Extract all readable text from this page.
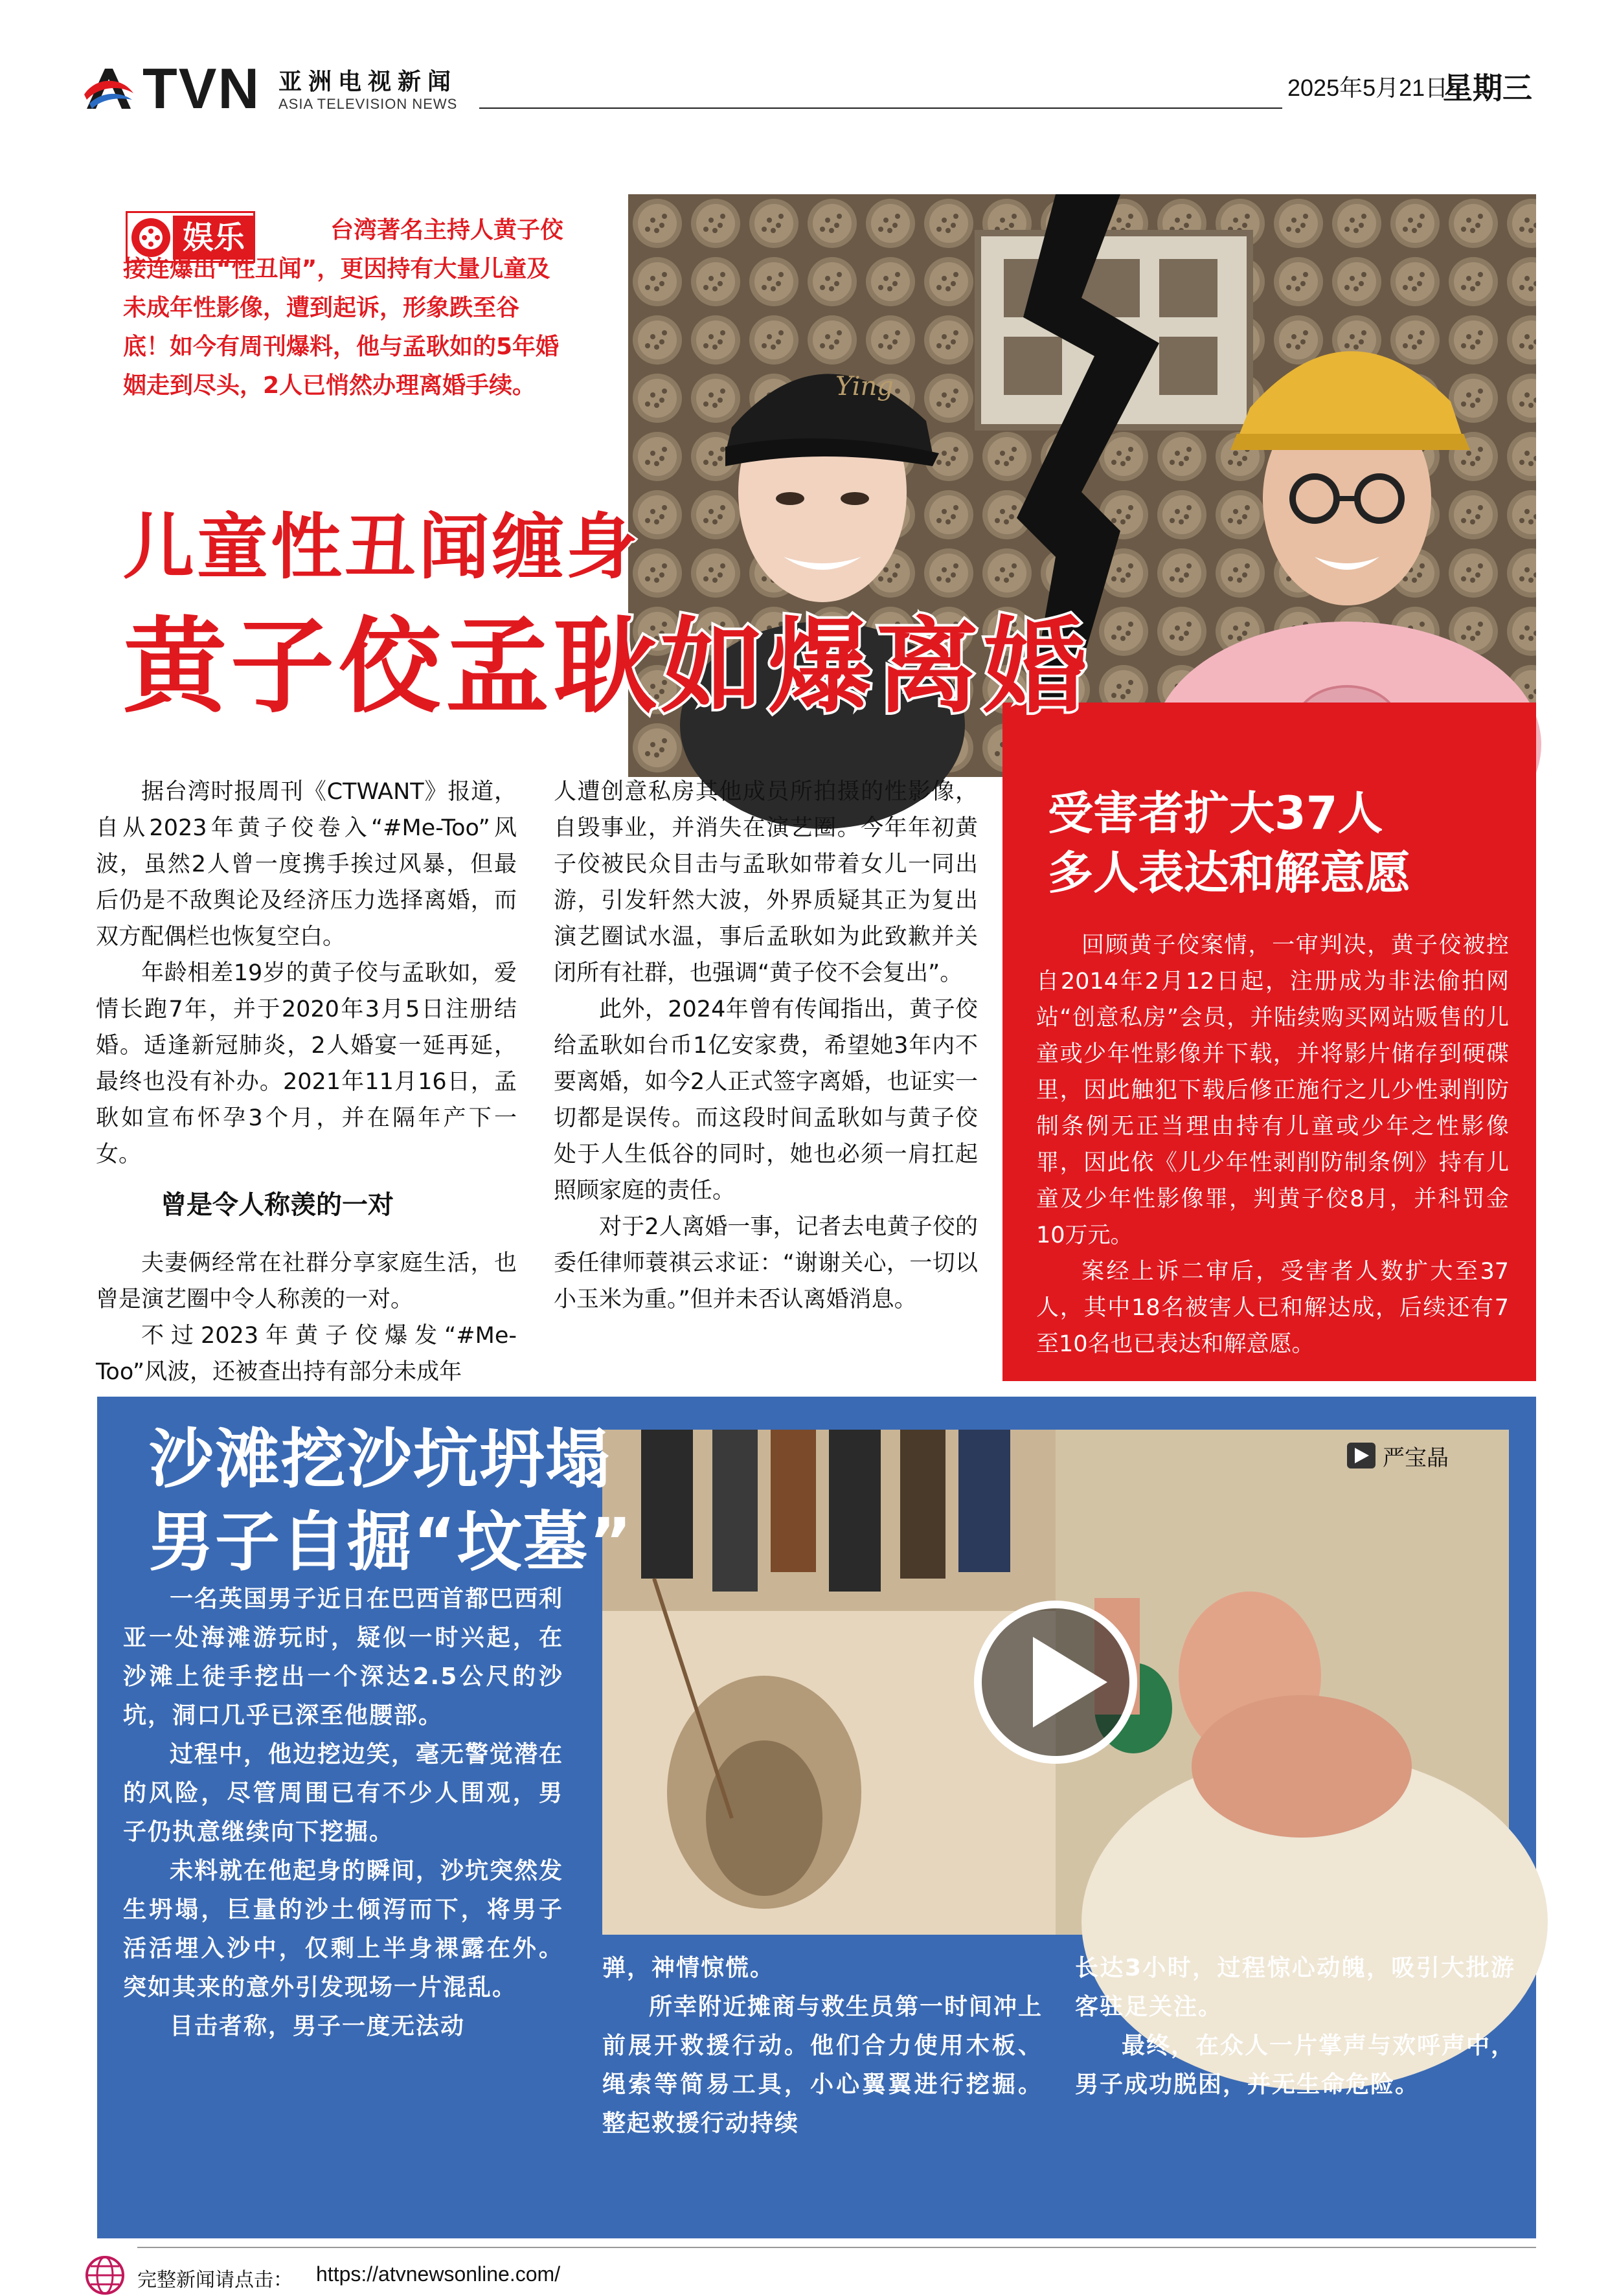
TVN 亚洲电视新闻
ASIA TELEVISION NEWS
2025年5月21日
星期三
Ying
娱乐	台湾著名主持人黄子佼接连爆出“性丑闻”，更因持有大量儿童及未成年性影像，遭到起诉，形象跌至谷底！如今有周刊爆料，他与孟耿如的5年婚姻走到尽头，2人已悄然办理离婚手续。
儿童性丑闻缠身
黄子佼孟耿如爆离婚

据台湾时报周刊《CTWANT》报道，自从2023年黄子佼卷入“#Me-Too”风波，虽然2人曾一度携手挨过风暴，但最后仍是不敌舆论及经济压力选择离婚，而双方配偶栏也恢复空白。

年龄相差19岁的黄子佼与孟耿如，爱情长跑7年，并于2020年3月5日注册结婚。适逢新冠肺炎，2人婚宴一延再延，最终也没有补办。2021年11月16日，孟耿如宣布怀孕3个月，并在隔年产下一女。

曾是令人称羡的一对

夫妻俩经常在社群分享家庭生活，也曾是演艺圈中令人称羡的一对。

不过2023年黄子佼爆发“#Me-Too”风波，还被查出持有部分未成年

人遭创意私房其他成员所拍摄的性影像，自毁事业，并消失在演艺圈。今年年初黄子佼被民众目击与孟耿如带着女儿一同出游，引发轩然大波，外界质疑其正为复出演艺圈试水温，事后孟耿如为此致歉并关闭所有社群，也强调“黄子佼不会复出”。

此外，2024年曾有传闻指出，黄子佼给孟耿如台币1亿安家费，希望她3年内不要离婚，如今2人正式签字离婚，也证实一切都是误传。而这段时间孟耿如与黄子佼处于人生低谷的同时，她也必须一肩扛起照顾家庭的责任。

对于2人离婚一事，记者去电黄子佼的委任律师蓑祺云求证：“谢谢关心，一切以小玉米为重。”但并未否认离婚消息。

受害者扩大37人
多人表达和解意愿

回顾黄子佼案情，一审判决，黄子佼被控自2014年2月12日起，注册成为非法偷拍网站“创意私房”会员，并陆续购买网站贩售的儿童或少年性影像并下载，并将影片储存到硬碟里，因此触犯下载后修正施行之儿少性剥削防制条例无正当理由持有儿童或少年之性影像罪，因此依《儿少年性剥削防制条例》持有儿童及少年性影像罪，判黄子佼8月，并科罚金10万元。

案经上诉二审后，受害者人数扩大至37人，其中18名被害人已和解达成，后续还有7至10名也已表达和解意愿。

严宝晶
沙滩挖沙坑坍塌
男子自掘“坟墓”

一名英国男子近日在巴西首都巴西利亚一处海滩游玩时，疑似一时兴起，在沙滩上徒手挖出一个深达2.5公尺的沙坑，洞口几乎已深至他腰部。

过程中，他边挖边笑，毫无警觉潜在的风险，尽管周围已有不少人围观，男子仍执意继续向下挖掘。

未料就在他起身的瞬间，沙坑突然发生坍塌，巨量的沙土倾泻而下，将男子活活埋入沙中，仅剩上半身裸露在外。突如其来的意外引发现场一片混乱。

目击者称，男子一度无法动

弹，神情惊慌。

所幸附近摊商与救生员第一时间冲上前展开救援行动。他们合力使用木板、绳索等简易工具，小心翼翼进行挖掘。整起救援行动持续

长达3小时，过程惊心动魄，吸引大批游客驻足关注。

最终，在众人一片掌声与欢呼声中，男子成功脱困，并无生命危险。

完整新闻请点击： https://atvnewsonline.com/
